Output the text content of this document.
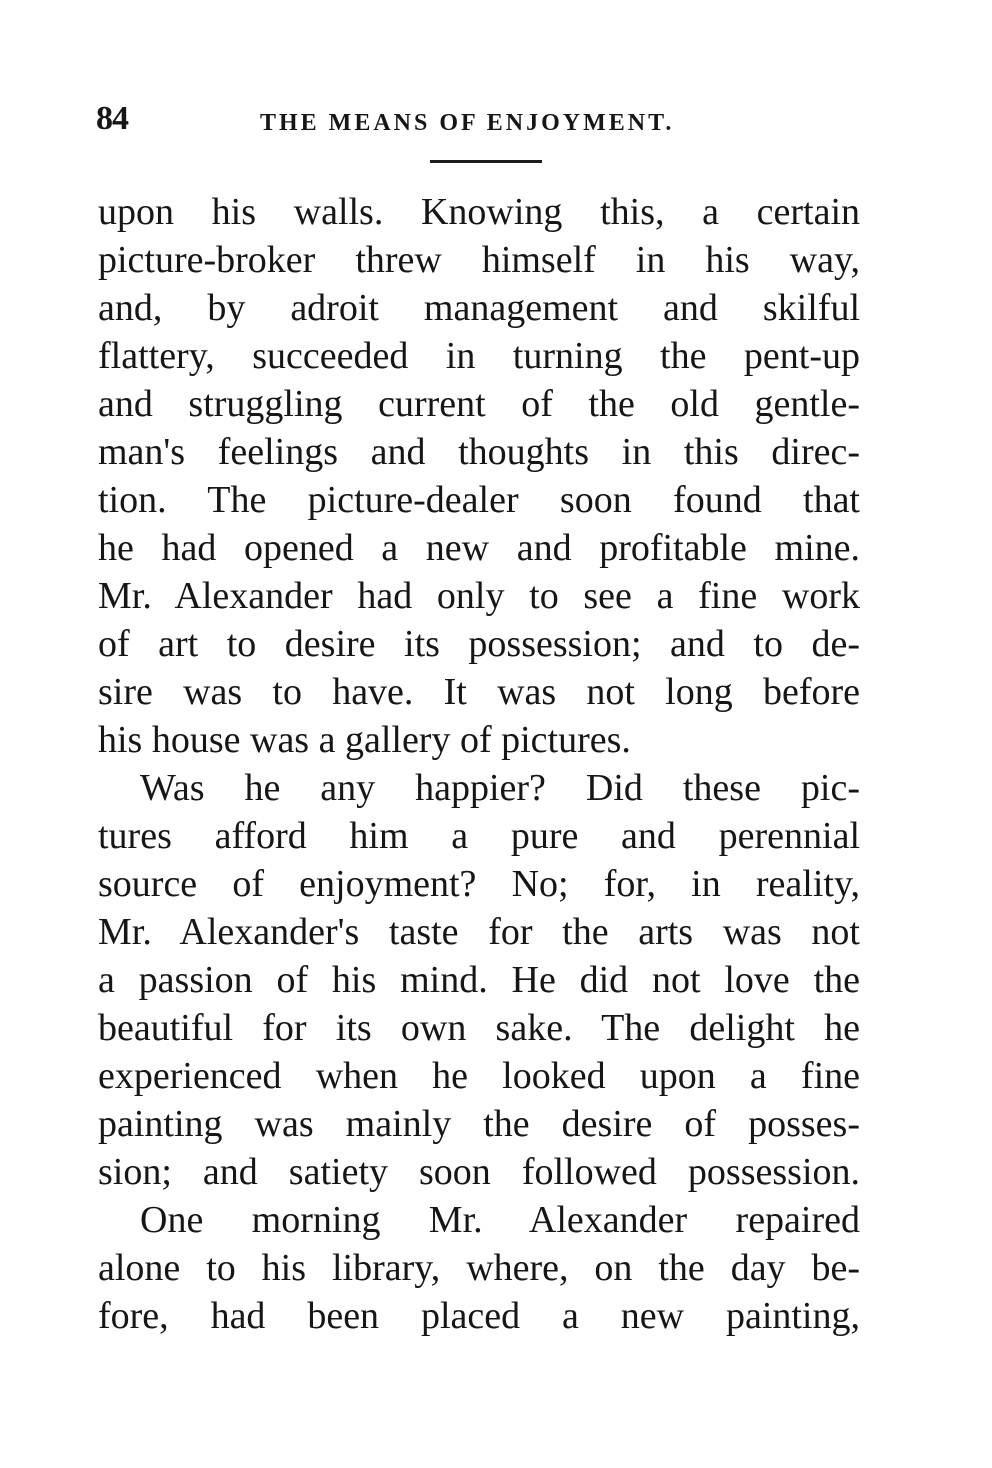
84	THE MEANS OF ENJOYMENT.
upon his walls. Knowing this, a certain
picture-broker threw himself in his way,
and, by adroit management and skilful
flattery, succeeded in turning the pent-up
and struggling current of the old gentle-
man's feelings and thoughts in this direc-
tion. The picture-dealer soon found that
he had opened a new and profitable mine.
Mr. Alexander had only to see a fine work
of art to desire its possession; and to de-
sire was to have. It was not long before
his house was a gallery of pictures.
Was he any happier? Did these pic-
tures afford him a pure and perennial
source of enjoyment? No; for, in reality,
Mr. Alexander's taste for the arts was not
a passion of his mind. He did not love the
beautiful for its own sake. The delight he
experienced when he looked upon a fine
painting was mainly the desire of posses-
sion; and satiety soon followed possession.
One morning Mr. Alexander repaired
alone to his library, where, on the day be-
fore, had been placed a new painting,
